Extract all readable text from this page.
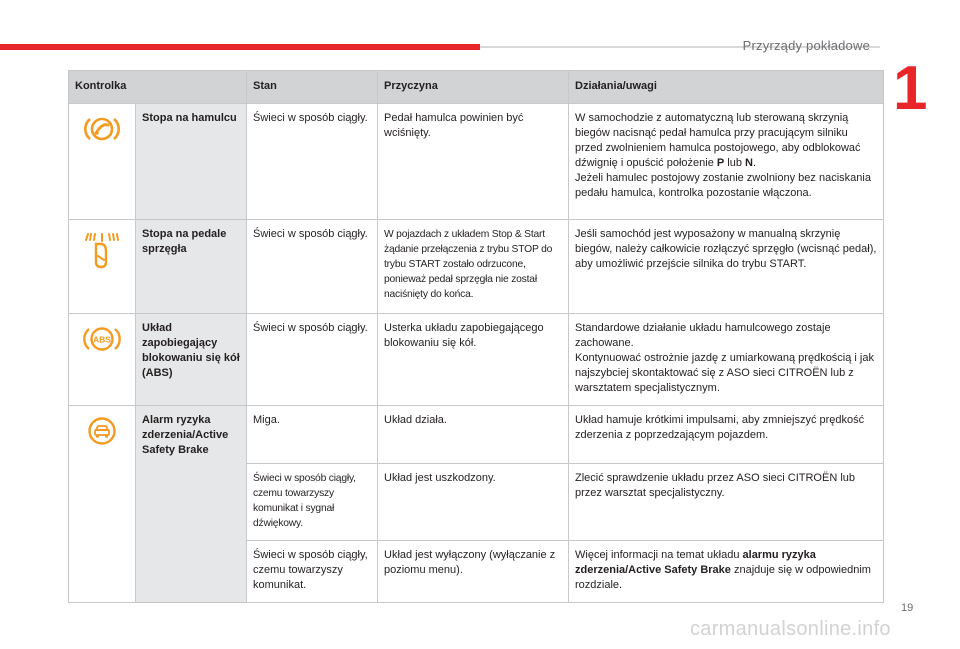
Przyrządy pokładowe
1
Kontrolka		Stan	Przyczyna	Działania/uwagi
	Stopa na hamulcu	Świeci w sposób ciągły.	Pedał hamulca powinien być wciśnięty.	W samochodzie z automatyczną lub sterowaną skrzynią biegów nacisnąć pedał hamulca przy pracującym silniku przed zwolnieniem hamulca postojowego, aby odblokować dźwignię i opuścić położenie P lub N.
Jeżeli hamulec postojowy zostanie zwolniony bez naciskania pedału hamulca, kontrolka pozostanie włączona.
	Stopa na pedale sprzęgła	Świeci w sposób ciągły.	W pojazdach z układem Stop & Start żądanie przełączenia z trybu STOP do trybu START zostało odrzucone, ponieważ pedał sprzęgła nie został naciśnięty do końca.	Jeśli samochód jest wyposażony w manualną skrzynię biegów, należy całkowicie rozłączyć sprzęgło (wcisnąć pedał), aby umożliwić przejście silnika do trybu START.

ABS	Układ zapobiegający blokowaniu się kół (ABS)	Świeci w sposób ciągły.	Usterka układu zapobiegającego blokowaniu się kół.	Standardowe działanie układu hamulcowego zostaje zachowane.
Kontynuować ostrożnie jazdę z umiarkowaną prędkością i jak najszybciej skontaktować się z ASO sieci CITROËN lub z warsztatem specjalistycznym.
	Alarm ryzyka zderzenia/Active Safety Brake	Miga.	Układ działa.	Układ hamuje krótkimi impulsami, aby zmniejszyć prędkość zderzenia z poprzedzającym pojazdem.
		Świeci w sposób ciągły, czemu towarzyszy komunikat i sygnał dźwiękowy.	Układ jest uszkodzony.	Zlecić sprawdzenie układu przez ASO sieci CITROËN lub przez warsztat specjalistyczny.
		Świeci w sposób ciągły, czemu towarzyszy komunikat.	Układ jest wyłączony (wyłączanie z poziomu menu).	Więcej informacji na temat układu alarmu ryzyka zderzenia/Active Safety Brake znajduje się w odpowiednim rozdziale.
19
carmanualsonline.info
